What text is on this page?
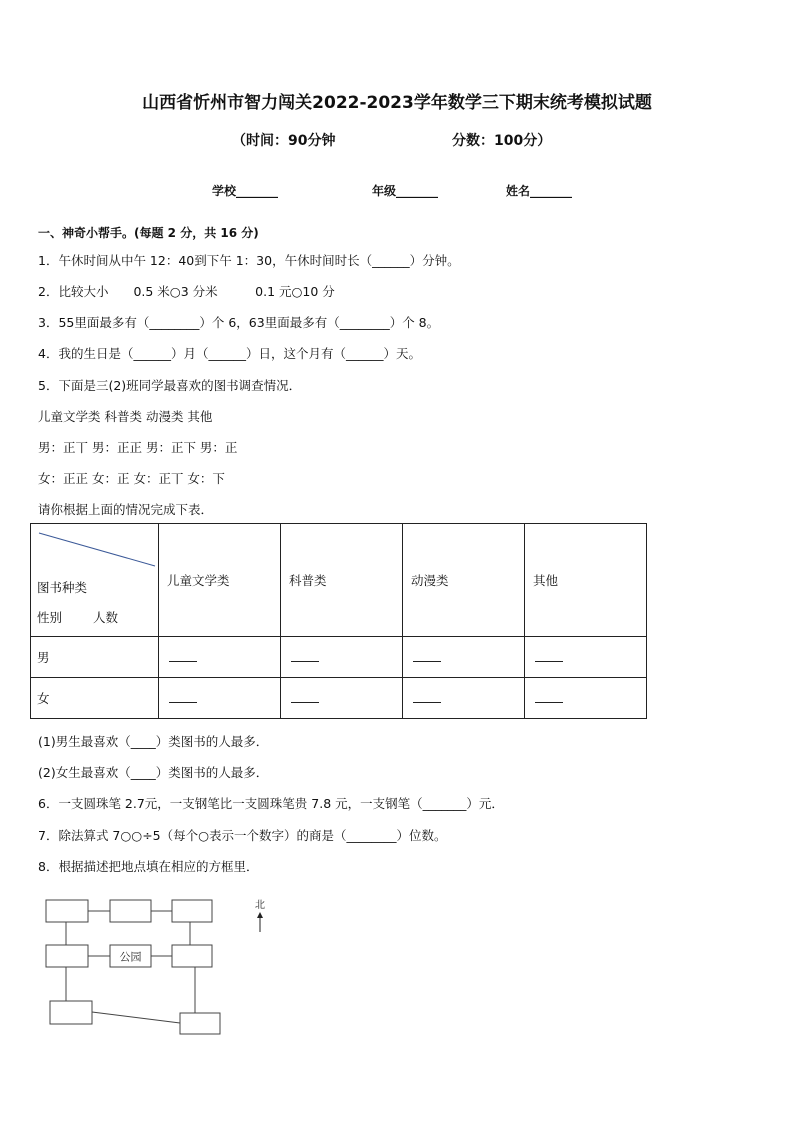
山西省忻州市智力闯关2022-2023学年数学三下期末统考模拟试题
（时间：90分钟	分数：100分）
学校_______	年级_______	姓名_______
一、神奇小帮手。(每题 2 分，共 16 分)
1．午休时间从中午 12：40到下午 1：30，午休时间时长（______）分钟。
2．比较大小　　0.5 米○3 分米　　　0.1 元○10 分
3．55里面最多有（________）个 6，63里面最多有（________）个 8。
4．我的生日是（______）月（______）日，这个月有（______）天。
5．下面是三(2)班同学最喜欢的图书调查情况．
儿童文学类 科普类 动漫类 其他
男：正丅 男：正正 男：正下 男：正
女：正正 女：正 女：正丅 女：下
请你根据上面的情况完成下表．
图书种类
性别 人数	儿童文学类	科普类	动漫类	其他
男				
女				
(1)男生最喜欢（____）类图书的人最多．
(2)女生最喜欢（____）类图书的人最多．
6．一支圆珠笔 2.7元，一支钢笔比一支圆珠笔贵 7.8 元，一支钢笔（_______）元．
7．除法算式 7○○÷5（每个○表示一个数字）的商是（________）位数。
8．根据描述把地点填在相应的方框里．
公园
北
